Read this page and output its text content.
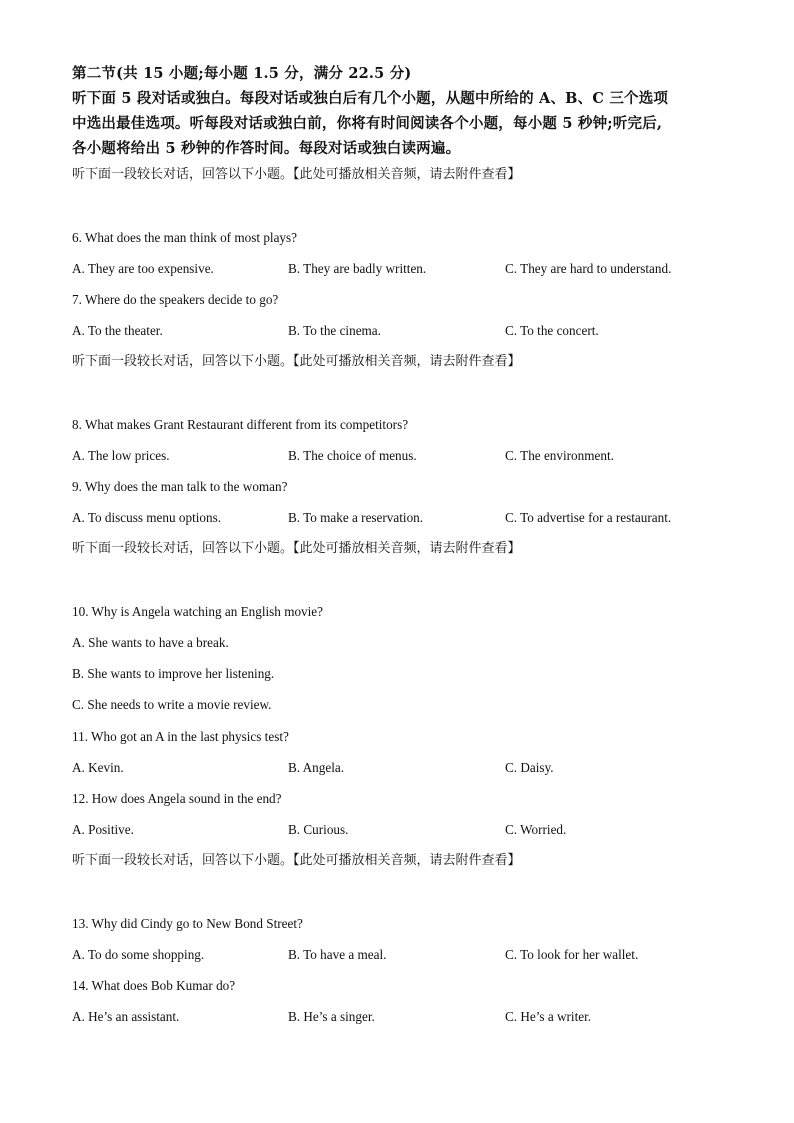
第二节(共 15 小题;每小题 1.5 分，满分 22.5 分)
听下面 5 段对话或独白。每段对话或独白后有几个小题，从题中所给的 A、B、C 三个选项
中选出最佳选项。听每段对话或独白前，你将有时间阅读各个小题，每小题 5 秒钟;听完后,
各小题将给出 5 秒钟的作答时间。每段对话或独白读两遍。
听下面一段较长对话，回答以下小题。【此处可播放相关音频，请去附件查看】
6. What does the man think of most plays?
A. They are too expensive.	B. They are badly written.	C. They are hard to understand.
7. Where do the speakers decide to go?
A. To the theater.	B. To the cinema.	C. To the concert.
听下面一段较长对话，回答以下小题。【此处可播放相关音频，请去附件查看】
8. What makes Grant Restaurant different from its competitors?
A. The low prices.	B. The choice of menus.	C. The environment.
9. Why does the man talk to the woman?
A. To discuss menu options.	B. To make a reservation.	C. To advertise for a restaurant.
听下面一段较长对话，回答以下小题。【此处可播放相关音频，请去附件查看】
10. Why is Angela watching an English movie?
A. She wants to have a break.
B. She wants to improve her listening.
C. She needs to write a movie review.
11. Who got an A in the last physics test?
A. Kevin.	B. Angela.	C. Daisy.
12. How does Angela sound in the end?
A. Positive.	B. Curious.	C. Worried.
听下面一段较长对话，回答以下小题。【此处可播放相关音频，请去附件查看】
13. Why did Cindy go to New Bond Street?
A. To do some shopping.	B. To have a meal.	C. To look for her wallet.
14. What does Bob Kumar do?
A. He’s an assistant.	B. He’s a singer.	C. He’s a writer.
